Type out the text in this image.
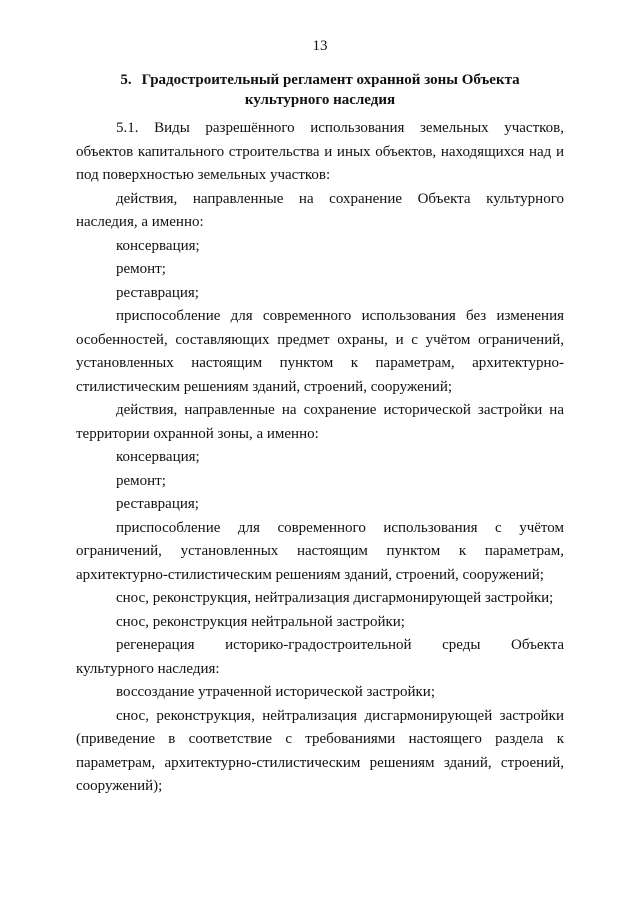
13
5. Градостроительный регламент охранной зоны Объекта
культурного наследия

5.1. Виды разрешённого использования земельных участков, объектов капитального строительства и иных объектов, находящихся над и под поверхностью земельных участков:

действия, направленные на сохранение Объекта культурного наследия, а именно:

консервация;

ремонт;

реставрация;

приспособление для современного использования без изменения особенностей, составляющих предмет охраны, и с учётом ограничений, установленных настоящим пунктом к параметрам, архитектурно-стилистическим решениям зданий, строений, сооружений;

действия, направленные на сохранение исторической застройки на территории охранной зоны, а именно:

консервация;

ремонт;

реставрация;

приспособление для современного использования с учётом ограничений, установленных настоящим пунктом к параметрам, архитектурно-стилистическим решениям зданий, строений, сооружений;

снос, реконструкция, нейтрализация дисгармонирующей застройки;

снос, реконструкция нейтральной застройки;

регенерация историко-градостроительной среды Объекта культурного наследия:

воссоздание утраченной исторической застройки;

снос, реконструкция, нейтрализация дисгармонирующей застройки (приведение в соответствие с требованиями настоящего раздела к параметрам, архитектурно-стилистическим решениям зданий, строений, сооружений);
